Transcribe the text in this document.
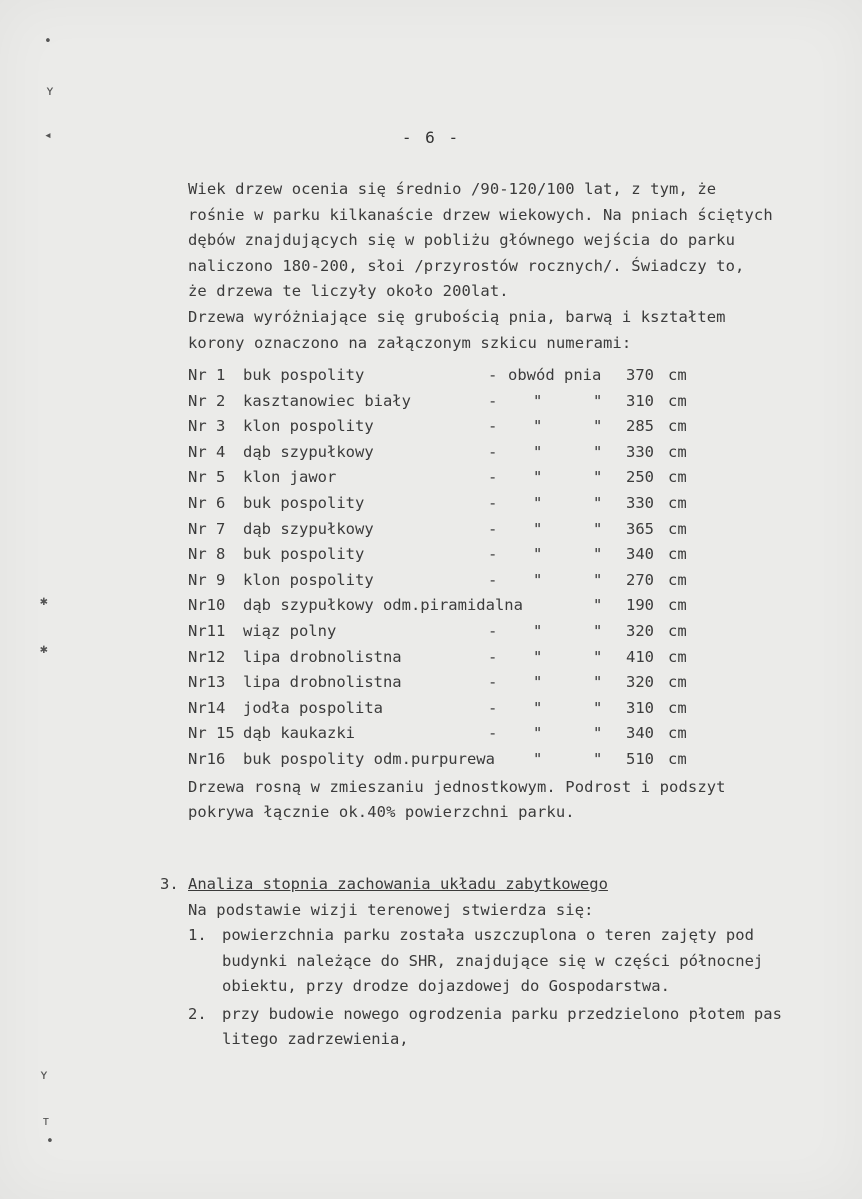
•
ʏ
◂
✱
✱
ʏ
ᴛ
•
- 6 -
Wiek drzew ocenia się średnio /90-120/100 lat, z tym, że
rośnie w parku kilkanaście drzew wiekowych. Na pniach ściętych
dębów znajdujących się w pobliżu głównego wejścia do parku
naliczono 180-200, słoi /przyrostów rocznych/. Świadczy to,
że drzewa te liczyły około 200lat.
Drzewa wyróżniające się grubością pnia, barwą i kształtem
korony oznaczono na załączonym szkicu numerami:
Nr 1 buk pospolity	- obwód pnia 370 cm
Nr 2 kasztanowiec biały	- "	" 310 cm
Nr 3 klon pospolity	- "	" 285 cm
Nr 4 dąb szypułkowy	- "	" 330 cm
Nr 5 klon jawor	- "	" 250 cm
Nr 6 buk pospolity	- "	" 330 cm
Nr 7 dąb szypułkowy	- "	" 365 cm
Nr 8 buk pospolity	- "	" 340 cm
Nr 9 klon pospolity	- "	" 270 cm
Nr10 dąb szypułkowy odm.piramidalna	" 190 cm
Nr11 wiąz polny	- "	" 320 cm
Nr12 lipa drobnolistna	- "	" 410 cm
Nr13 lipa drobnolistna	- "	" 320 cm
Nr14 jodła pospolita	- "	" 310 cm
Nr 15 dąb kaukazki	- "	" 340 cm
Nr16 buk pospolity odm.purpurewa "	" 510 cm
Drzewa rosną w zmieszaniu jednostkowym. Podrost i podszyt
pokrywa łącznie ok.40% powierzchni parku.
3. Analiza stopnia zachowania układu zabytkowego
Na podstawie wizji terenowej stwierdza się:
1. powierzchnia parku została uszczuplona o teren zajęty pod
budynki należące do SHR, znajdujące się w części północnej
obiektu, przy drodze dojazdowej do Gospodarstwa.
2. przy budowie nowego ogrodzenia parku przedzielono płotem pas
litego zadrzewienia,
